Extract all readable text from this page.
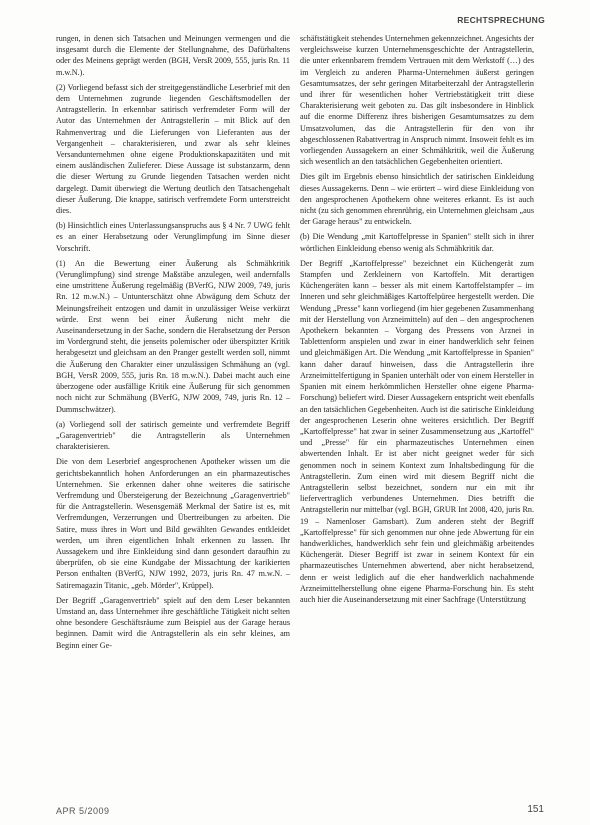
RECHTSPRECHUNG

rungen, in denen sich Tatsachen und Meinungen vermengen und die insgesamt durch die Elemente der Stellungnahme, des Dafürhaltens oder des Meinens geprägt werden (BGH, VersR 2009, 555, juris Rn. 11 m.w.N.).

(2) Vorliegend befasst sich der streitgegenständliche Leserbrief mit den dem Unternehmen zugrunde liegenden Geschäftsmodellen der Antragstellerin. In erkennbar satirisch verfremdeter Form will der Autor das Unternehmen der Antragstellerin – mit Blick auf den Rahmenvertrag und die Lieferungen von Lieferanten aus der Vergangenheit – charakterisieren, und zwar als sehr kleines Versandunternehmen ohne eigene Produktionskapazitäten und mit einem ausländischen Zulieferer. Diese Aussage ist substanzarm, denn die dieser Wertung zu Grunde liegenden Tatsachen werden nicht dargelegt. Damit überwiegt die Wertung deutlich den Tatsachengehalt dieser Äußerung. Die knappe, satirisch verfremdete Form unterstreicht dies.

(b) Hinsichtlich eines Unterlassungsanspruchs aus § 4 Nr. 7 UWG fehlt es an einer Herabsetzung oder Verunglimpfung im Sinne dieser Vorschrift.

(1) An die Bewertung einer Äußerung als Schmähkritik (Verunglimpfung) sind strenge Maßstäbe anzulegen, weil andernfalls eine umstrittene Äußerung regelmäßig (BVerfG, NJW 2009, 749, juris Rn. 12 m.w.N.) – Untunterschätzt ohne Abwägung dem Schutz der Meinungsfreiheit entzogen und damit in unzulässiger Weise verkürzt würde. Erst wenn bei einer Äußerung nicht mehr die Auseinandersetzung in der Sache, sondern die Herabsetzung der Person im Vordergrund steht, die jenseits polemischer oder überspitzter Kritik herabgesetzt und gleichsam an den Pranger gestellt werden soll, nimmt die Äußerung den Charakter einer unzulässigen Schmähung an (vgl. BGH, VersR 2009, 555, juris Rn. 18 m.w.N.). Dabei macht auch eine überzogene oder ausfällige Kritik eine Äußerung für sich genommen noch nicht zur Schmähung (BVerfG, NJW 2009, 749, juris Rn. 12 – Dummschwätzer).

(a) Vorliegend soll der satirisch gemeinte und verfremdete Begriff „Garagenvertrieb" die Antragstellerin als Unternehmen charakterisieren.

Die von dem Leserbrief angesprochenen Apotheker wissen um die gerichtsbekanntlich hohen Anforderungen an ein pharmazeutisches Unternehmen. Sie erkennen daher ohne weiteres die satirische Verfremdung und Übersteigerung der Bezeichnung „Garagenvertrieb" für die Antragstellerin. Wesensgemäß Merkmal der Satire ist es, mit Verfremdungen, Verzerrungen und Übertreibungen zu arbeiten. Die Satire, muss ihres in Wort und Bild gewählten Gewandes entkleidet werden, um ihren eigentlichen Inhalt erkennen zu lassen. Ihr Aussagekern und ihre Einkleidung sind dann gesondert daraufhin zu überprüfen, ob sie eine Kundgabe der Missachtung der karikierten Person enthalten (BVerfG, NJW 1992, 2073, juris Rn. 47 m.w.N. – Satiremagazin Titanic, „geb. Mörder", Krüppel).

Der Begriff „Garagenvertrieb" spielt auf den dem Leser bekannten Umstand an, dass Unternehmer ihre geschäftliche Tätigkeit nicht selten ohne besondere Geschäftsräume zum Beispiel aus der Garage heraus beginnen. Damit wird die Antragstellerin als ein sehr kleines, am Beginn einer Ge-

schäftstätigkeit stehendes Unternehmen gekennzeichnet. Angesichts der vergleichsweise kurzen Unternehmensgeschichte der Antragstellerin, die unter erkennbarem fremdem Vertrauen mit dem Werkstoff (…) des im Vergleich zu anderen Pharma-Unternehmen äußerst geringen Gesamtumsatzes, der sehr geringen Mitarbeiterzahl der Antragstellerin und ihrer für wesentlichen hoher Vertriebstätigkeit tritt diese Charakterisierung weit geboten zu. Das gilt insbesondere in Hinblick auf die enorme Differenz ihres bisherigen Gesamtumsatzes zu dem Umsatzvolumen, das die Antragstellerin für den von ihr abgeschlossenen Rabattvertrag in Anspruch nimmt. Insoweit fehlt es im vorliegenden Aussagekern an einer Schmähkritik, weil die Äußerung sich wesentlich an den tatsächlichen Gegebenheiten orientiert.

Dies gilt im Ergebnis ebenso hinsichtlich der satirischen Einkleidung dieses Aussagekerns. Denn – wie erörtert – wird diese Einkleidung von den angesprochenen Apothekern ohne weiteres erkannt. Es ist auch nicht (zu sich genommen ehrenrührig, ein Unternehmen gleichsam „aus der Garage heraus" zu entwickeln.

(b) Die Wendung „mit Kartoffelpresse in Spanien" stellt sich in ihrer wörtlichen Einkleidung ebenso wenig als Schmähkritik dar.

Der Begriff „Kartoffelpresse" bezeichnet ein Küchengerät zum Stampfen und Zerkleinern von Kartoffeln. Mit derartigen Küchengeräten kann – besser als mit einem Kartoffelstampfer – im Inneren und sehr gleichmäßiges Kartoffelpüree hergestellt werden. Die Wendung „Presse" kann vorliegend (im hier gegebenen Zusammenhang mit der Herstellung von Arzneimitteln) auf den – den angesprochenen Apothekern bekannten – Vorgang des Pressens von Arznei in Tablettenform anspielen und zwar in einer handwerklich sehr feinen und gleichmäßigen Art. Die Wendung „mit Kartoffelpresse in Spanien" kann daher darauf hinweisen, dass die Antragstellerin ihre Arzneimittelfertigung in Spanien unterhält oder von einem Hersteller in Spanien mit einem herkömmlichen Hersteller ohne eigene Pharma-Forschung) beliefert wird. Dieser Aussagekern entspricht weit ebenfalls an den tatsächlichen Gegebenheiten. Auch ist die satirische Einkleidung der angesprochenen Leserin ohne weiteres ersichtlich. Der Begriff „Kartoffelpresse" hat zwar in seiner Zusammensetzung aus „Kartoffel" und „Presse" für ein pharmazeutisches Unternehmen einen abwertenden Inhalt. Er ist aber nicht geeignet weder für sich genommen noch in seinem Kontext zum Inhaltsbedingung für die Antragstellerin. Zum einen wird mit diesem Begriff nicht die Antragstellerin selbst bezeichnet, sondern nur ein mit ihr liefervertraglich verbundenes Unternehmen. Dies betrifft die Antragstellerin nur mittelbar (vgl. BGH, GRUR Int 2008, 420, juris Rn. 19 – Namenloser Gamsbart). Zum anderen steht der Begriff „Kartoffelpresse" für sich genommen nur ohne jede Abwertung für ein handwerkliches, handwerklich sehr fein und gleichmäßig arbeitendes Küchengerät. Dieser Begriff ist zwar in seinem Kontext für ein pharmazeutisches Unternehmen abwertend, aber nicht herabsetzend, denn er weist lediglich auf die eher handwerklich nachahmende Arzneimittelherstellung ohne eigene Pharma-Forschung hin. Es steht auch hier die Auseinandersetzung mit einer Sachfrage (Unterstützung

APR 5/2009	151
